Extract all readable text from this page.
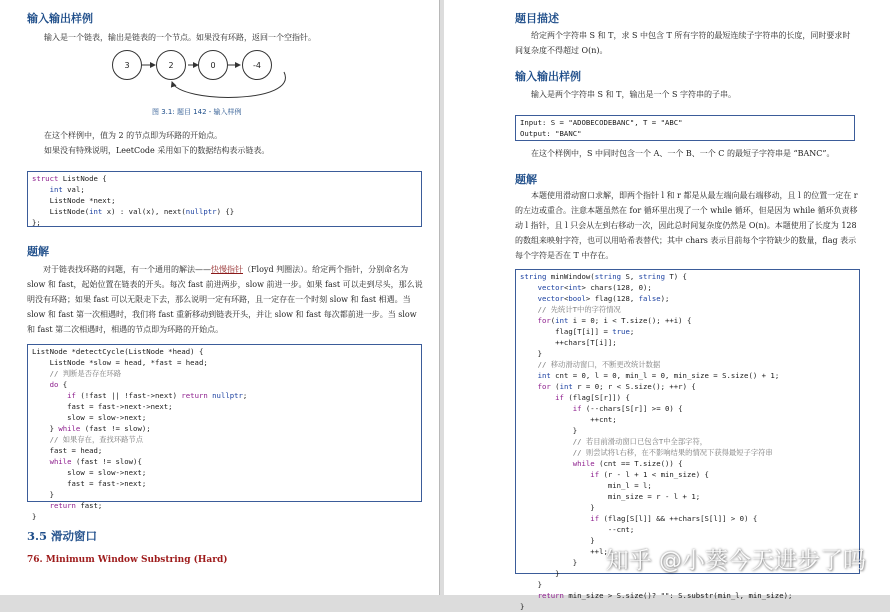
输入输出样例
输入是一个链表，输出是链表的一个节点。如果没有环路，返回一个空指针。
3	2	0	-4
图 3.1: 题目 142 - 输入样例
在这个样例中，值为 2 的节点即为环路的开始点。
如果没有特殊说明，LeetCode 采用如下的数据结构表示链表。
struct ListNode {
int val;
ListNode *next;
ListNode(int x) : val(x), next(nullptr) {}
};
题解
对于链表找环路的问题，有一个通用的解法——快慢指针（Floyd 判圈法）。给定两个指针，分别命名为 slow 和 fast，起始位置在链表的开头。每次 fast 前进两步，slow 前进一步。如果 fast 可以走到尽头，那么说明没有环路；如果 fast 可以无限走下去，那么说明一定有环路，且一定存在一个时刻 slow 和 fast 相遇。当 slow 和 fast 第一次相遇时，我们将 fast 重新移动到链表开头，并让 slow 和 fast 每次都前进一步。当 slow 和 fast 第二次相遇时，相遇的节点即为环路的开始点。
ListNode *detectCycle(ListNode *head) {
ListNode *slow = head, *fast = head;
// 判断是否存在环路
do {
if (!fast || !fast->next) return nullptr;
fast = fast->next->next;
slow = slow->next;
} while (fast != slow);
// 如果存在，查找环路节点
fast = head;
while (fast != slow){
slow = slow->next;
fast = fast->next;
}
return fast;
}
3.5 滑动窗口
76. Minimum Window Substring (Hard)
题目描述
给定两个字符串 S 和 T，求 S 中包含 T 所有字符的最短连续子字符串的长度，同时要求时间复杂度不得超过 O(n)。
输入输出样例
输入是两个字符串 S 和 T，输出是一个 S 字符串的子串。
Input: S = "ADOBECODEBANC", T = "ABC"
Output: "BANC"
在这个样例中，S 中同时包含一个 A、一个 B、一个 C 的最短子字符串是 “BANC”。
题解
本题使用滑动窗口求解，即两个指针 l 和 r 都是从最左端向最右端移动，且 l 的位置一定在 r 的左边或重合。注意本题虽然在 for 循环里出现了一个 while 循环，但是因为 while 循环负责移动 l 指针，且 l 只会从左到右移动一次，因此总时间复杂度仍然是 O(n)。本题使用了长度为 128 的数组来映射字符，也可以用哈希表替代；其中 chars 表示目前每个字符缺少的数量，flag 表示每个字符是否在 T 中存在。
string minWindow(string S, string T) {
vector<int> chars(128, 0);
vector<bool> flag(128, false);
// 先统计T中的字符情况
for(int i = 0; i < T.size(); ++i) {
flag[T[i]] = true;
++chars[T[i]];
}
// 移动滑动窗口，不断更改统计数据
int cnt = 0, l = 0, min_l = 0, min_size = S.size() + 1;
for (int r = 0; r < S.size(); ++r) {
if (flag[S[r]]) {
if (--chars[S[r]] >= 0) {
++cnt;
}
// 若目前滑动窗口已包含T中全部字符，
// 则尝试将l右移，在不影响结果的情况下获得最短子字符串
while (cnt == T.size()) {
if (r - l + 1 < min_size) {
min_l = l;
min_size = r - l + 1;
}
if (flag[S[l]] && ++chars[S[l]] > 0) {
--cnt;
}
++l;
}
}
}
return min_size > S.size()? "": S.substr(min_l, min_size);
}
知乎 @小葵今天进步了吗
